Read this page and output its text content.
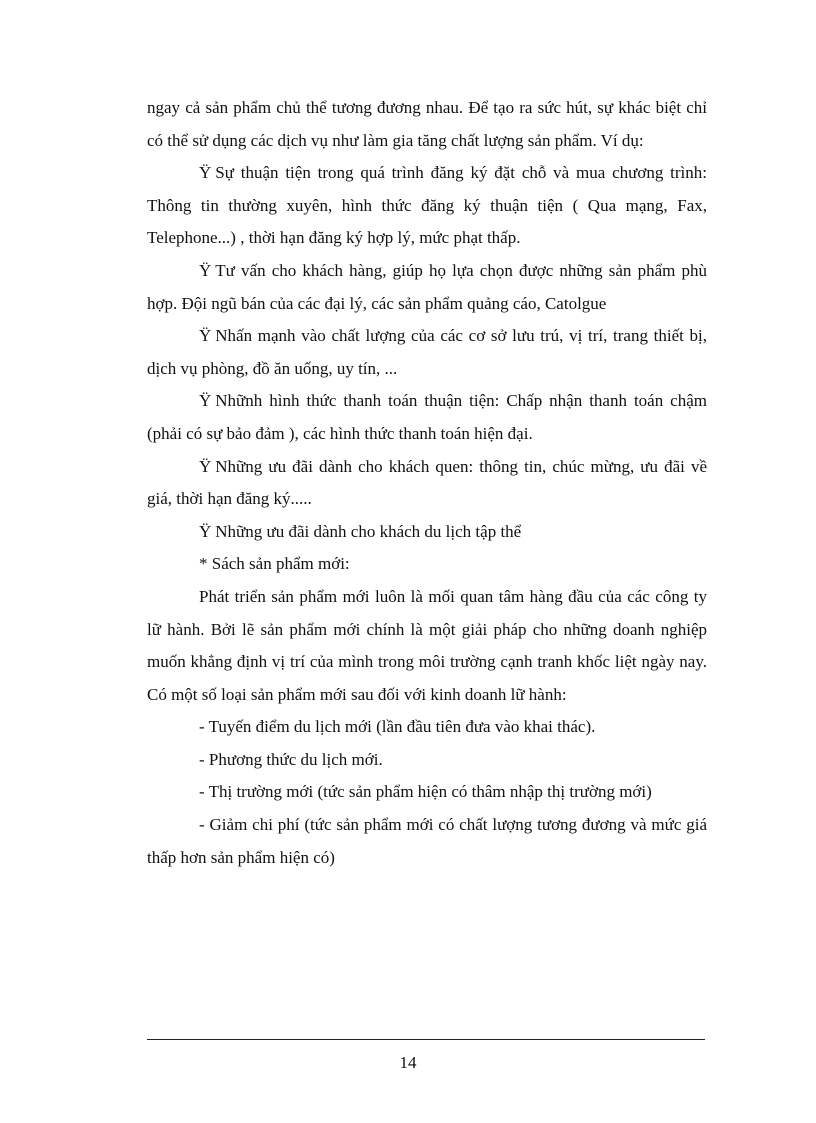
ngay cả sản phẩm chủ thể tương đương nhau. Để tạo ra sức hút, sự khác biệt chỉ có thể sử dụng các dịch vụ như làm gia tăng chất lượng sản phẩm. Ví dụ:

Ÿ Sự thuận tiện trong quá trình đăng ký đặt chỗ và mua chương trình: Thông tin thường xuyên, hình thức đăng ký thuận tiện ( Qua mạng, Fax, Telephone...) , thời hạn đăng ký hợp lý, mức phạt thấp.

Ÿ Tư vấn cho khách hàng, giúp họ lựa chọn được những sản phẩm phù hợp. Đội ngũ bán của các đại lý, các sản phẩm quảng cáo, Catolgue

Ÿ Nhấn mạnh vào chất lượng của các cơ sở lưu trú, vị trí, trang thiết bị, dịch vụ phòng, đồ ăn uống, uy tín, ...

Ÿ Nhữnh hình thức thanh toán thuận tiện: Chấp nhận thanh toán chậm (phải có sự bảo đảm ), các hình thức thanh toán hiện đại.

Ÿ Những ưu đãi dành cho khách quen: thông tin, chúc mừng, ưu đãi về giá, thời hạn đăng ký.....

Ÿ Những ưu đãi dành cho khách du lịch tập thể

* Sách sản phẩm mới:

Phát triển sản phẩm mới luôn là mối quan tâm hàng đầu của các công ty lữ hành. Bởi lẽ sản phẩm mới chính là một giải pháp cho những doanh nghiệp muốn khẳng định vị trí của mình trong môi trường cạnh tranh khốc liệt ngày nay. Có một số loại sản phẩm mới sau đối với kinh doanh lữ hành:

- Tuyến điểm du lịch mới (lần đầu tiên đưa vào khai thác).

- Phương thức du lịch mới.

- Thị trường mới (tức sản phẩm hiện có thâm nhập thị trường mới)

- Giảm chi phí (tức sản phẩm mới có chất lượng tương đương và mức giá thấp hơn sản phẩm hiện có)

14
